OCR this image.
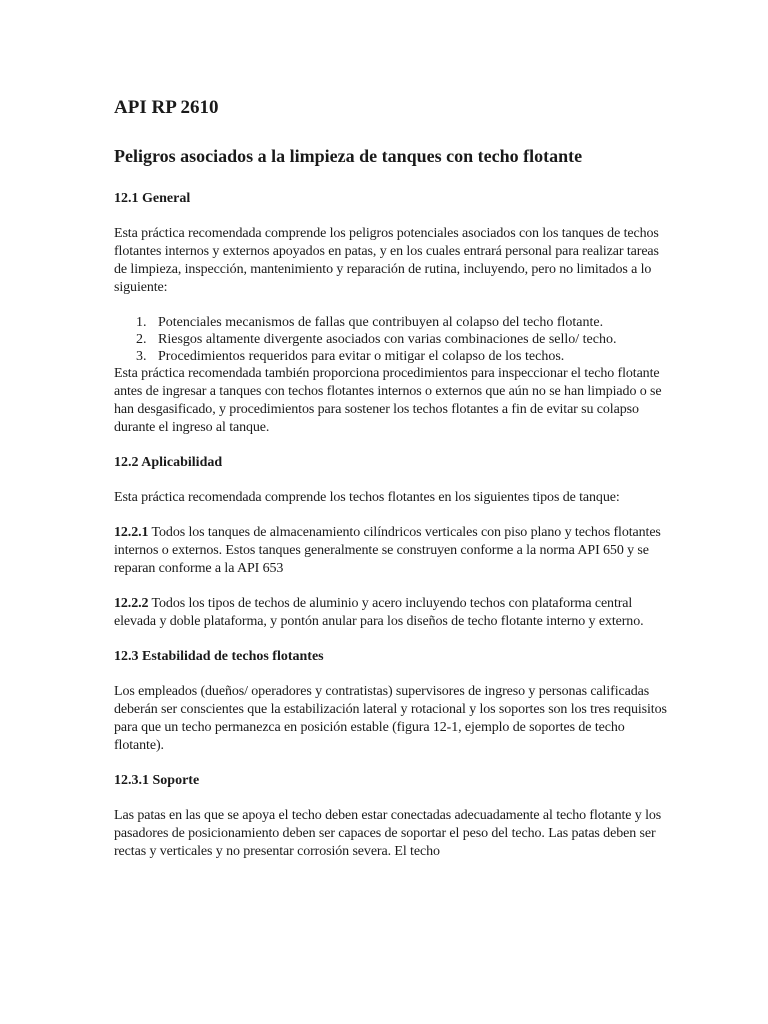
API RP 2610
Peligros asociados a la limpieza de tanques con techo flotante
12.1 General

Esta práctica recomendada comprende los peligros potenciales asociados con los tanques de techos flotantes internos y externos apoyados en patas, y en los cuales entrará personal para realizar tareas de limpieza, inspección, mantenimiento y reparación de rutina, incluyendo, pero no limitados a lo siguiente:

1. Potenciales mecanismos de fallas que contribuyen al colapso del techo flotante.
2. Riesgos altamente divergente asociados con varias combinaciones de sello/ techo.
3. Procedimientos requeridos para evitar o mitigar el colapso de los techos.

Esta práctica recomendada también proporciona procedimientos para inspeccionar el techo flotante antes de ingresar a tanques con techos flotantes internos o externos que aún no se han limpiado o se han desgasificado, y procedimientos para sostener los techos flotantes a fin de evitar su colapso durante el ingreso al tanque.

12.2 Aplicabilidad

Esta práctica recomendada comprende los techos flotantes en los siguientes tipos de tanque:

12.2.1 Todos los tanques de almacenamiento cilíndricos verticales con piso plano y techos flotantes internos o externos. Estos tanques generalmente se construyen conforme a la norma API 650 y se reparan conforme a la API 653

12.2.2 Todos los tipos de techos de aluminio y acero incluyendo techos con plataforma central elevada y doble plataforma, y pontón anular para los diseños de techo flotante interno y externo.

12.3 Estabilidad de techos flotantes

Los empleados (dueños/ operadores y contratistas) supervisores de ingreso y personas calificadas deberán ser conscientes que la estabilización lateral y rotacional y los soportes son los tres requisitos para que un techo permanezca en posición estable (figura 12-1, ejemplo de soportes de techo flotante).

12.3.1 Soporte

Las patas en las que se apoya el techo deben estar conectadas adecuadamente al techo flotante y los pasadores de posicionamiento deben ser capaces de soportar el peso del techo. Las patas deben ser rectas y verticales y no presentar corrosión severa. El techo
